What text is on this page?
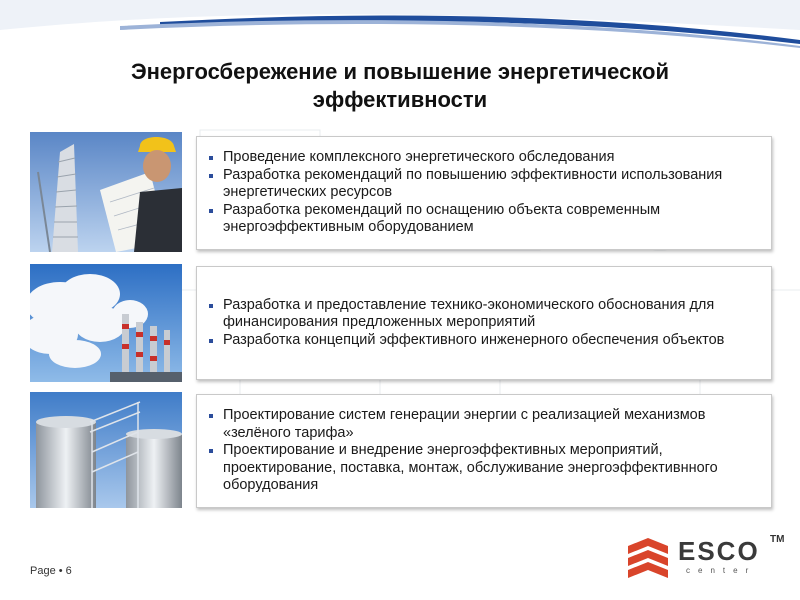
Энергосбережение и повышение энергетической
эффективности
Проведение комплексного энергетического обследования
Разработка рекомендаций по повышению эффективности использования энергетических ресурсов
Разработка рекомендаций по оснащению объекта современным энергоэффективным оборудованием
Разработка и предоставление технико-экономического обоснования для финансирования предложенных мероприятий
Разработка концепций эффективного инженерного обеспечения объектов
Проектирование систем генерации энергии с реализацией механизмов «зелёного тарифа»
Проектирование и внедрение энергоэффективных мероприятий, проектирование, поставка, монтаж, обслуживание энергоэффективнного оборудования
Page • 6
ESCO
center
TM
